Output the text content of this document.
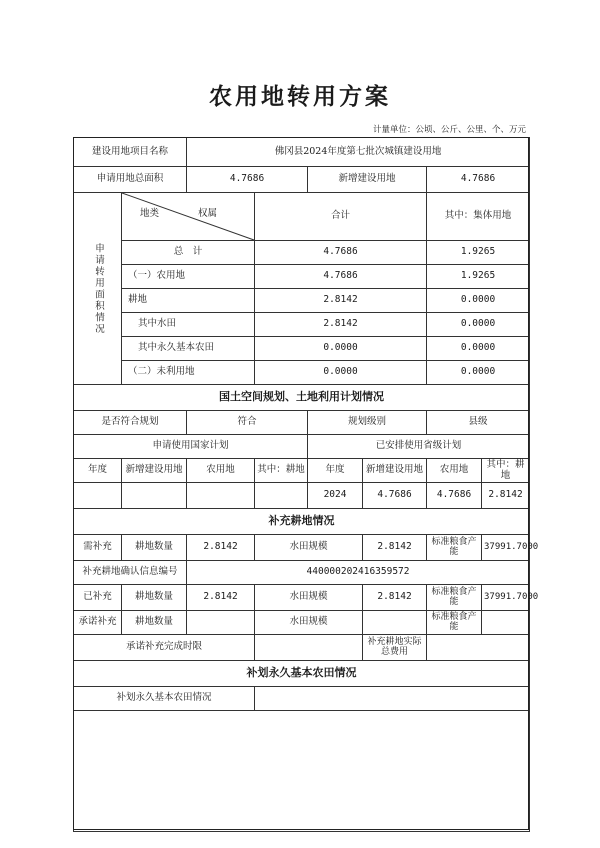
农用地转用方案
计量单位：公顷、公斤、公里、个、万元
建设用地项目名称		佛冈县2024年度第七批次城镇建设用地					
申请用地总面积		4.7686		新增建设用地		4.7686	

申请转用面积情况	地类 权属		合计			其中：集体用地	
	总　计		4.7686			1.9265	
	（一）农用地		4.7686			1.9265	
	耕地		2.8142			0.0000	
	其中水田		2.8142			0.0000	
	其中永久基本农田		0.0000			0.0000	
	（二）未利用地		0.0000			0.0000	
国土空间规划、土地利用计划情况							
是否符合规划		符合		规划级别		县级	
申请使用国家计划				已安排使用省级计划			
年度	新增建设用地	农用地	其中：耕地	年度	新增建设用地	农用地	其中：耕地
				2024	4.7686	4.7686	2.8142
补充耕地情况							
需补充	耕地数量	2.8142	水田规模		2.8142	标准粮食产能	37991.7000
补充耕地确认信息编号		440000202416359572					
已补充	耕地数量	2.8142	水田规模		2.8142	标准粮食产能	37991.7000
承诺补充	耕地数量		水田规模			标准粮食产能	
承诺补充完成时限					补充耕地实际总费用		
补划永久基本农田情况							
补划永久基本农田情况							
